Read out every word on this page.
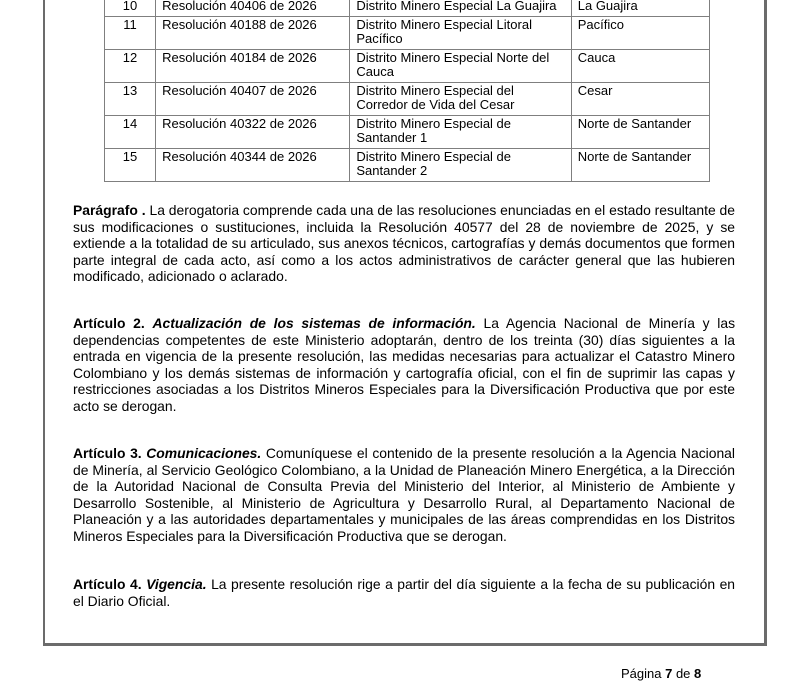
10	Resolución 40406 de 2026	Distrito Minero Especial La Guajira	La Guajira
11	Resolución 40188 de 2026	Distrito Minero Especial Litoral Pacífico	Pacífico
12	Resolución 40184 de 2026	Distrito Minero Especial Norte del Cauca	Cauca
13	Resolución 40407 de 2026	Distrito Minero Especial del Corredor de Vida del Cesar	Cesar
14	Resolución 40322 de 2026	Distrito Minero Especial de Santander 1	Norte de Santander
15	Resolución 40344 de 2026	Distrito Minero Especial de Santander 2	Norte de Santander

Parágrafo . La derogatoria comprende cada una de las resoluciones enunciadas en el estado resultante de sus modificaciones o sustituciones, incluida la Resolución 40577 del 28 de noviembre de 2025, y se extiende a la totalidad de su articulado, sus anexos técnicos, cartografías y demás documentos que formen parte integral de cada acto, así como a los actos administrativos de carácter general que las hubieren modificado, adicionado o aclarado.

Artículo 2. Actualización de los sistemas de información. La Agencia Nacional de Minería y las dependencias competentes de este Ministerio adoptarán, dentro de los treinta (30) días siguientes a la entrada en vigencia de la presente resolución, las medidas necesarias para actualizar el Catastro Minero Colombiano y los demás sistemas de información y cartografía oficial, con el fin de suprimir las capas y restricciones asociadas a los Distritos Mineros Especiales para la Diversificación Productiva que por este acto se derogan.

Artículo 3. Comunicaciones. Comuníquese el contenido de la presente resolución a la Agencia Nacional de Minería, al Servicio Geológico Colombiano, a la Unidad de Planeación Minero Energética, a la Dirección de la Autoridad Nacional de Consulta Previa del Ministerio del Interior, al Ministerio de Ambiente y Desarrollo Sostenible, al Ministerio de Agricultura y Desarrollo Rural, al Departamento Nacional de Planeación y a las autoridades departamentales y municipales de las áreas comprendidas en los Distritos Mineros Especiales para la Diversificación Productiva que se derogan.

Artículo 4. Vigencia. La presente resolución rige a partir del día siguiente a la fecha de su publicación en el Diario Oficial.

Página 7 de 8
